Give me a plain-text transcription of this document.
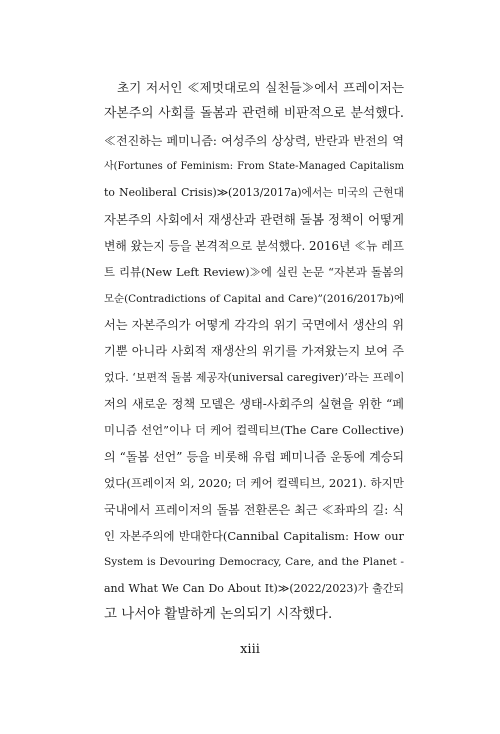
초기 저서인 ≪제멋대로의 실천들≫에서 프레이저는
자본주의 사회를 돌봄과 관련해 비판적으로 분석했다.
≪전진하는 페미니즘: 여성주의 상상력, 반란과 반전의 역
사(Fortunes of Feminism: From State-Managed Capitalism
to Neoliberal Crisis)≫(2013/2017a)에서는 미국의 근현대
자본주의 사회에서 재생산과 관련해 돌봄 정책이 어떻게
변해 왔는지 등을 본격적으로 분석했다. 2016년 ≪뉴 레프
트 리뷰(New Left Review)≫에 실린 논문 “자본과 돌봄의
모순(Contradictions of Capital and Care)”(2016/2017b)에
서는 자본주의가 어떻게 각각의 위기 국면에서 생산의 위
기뿐 아니라 사회적 재생산의 위기를 가져왔는지 보여 주
었다. ‘보편적 돌봄 제공자(universal caregiver)’라는 프레이
저의 새로운 정책 모델은 생태-사회주의 실현을 위한 “페
미니즘 선언”이나 더 케어 컬렉티브(The Care Collective)
의 “돌봄 선언” 등을 비롯해 유럽 페미니즘 운동에 계승되
었다(프레이저 외, 2020; 더 케어 컬렉티브, 2021). 하지만
국내에서 프레이저의 돌봄 전환론은 최근 ≪좌파의 길: 식
인 자본주의에 반대한다(Cannibal Capitalism: How our
System is Devouring Democracy, Care, and the Planet -
and What We Can Do About It)≫(2022/2023)가 출간되
고 나서야 활발하게 논의되기 시작했다.
xiii
